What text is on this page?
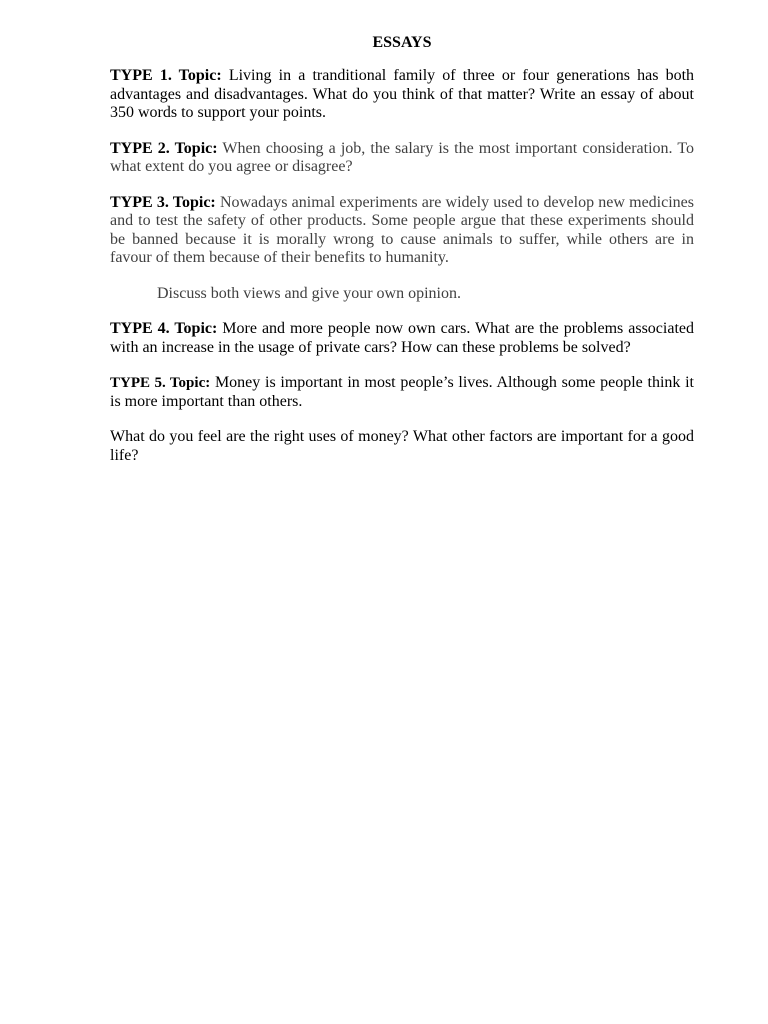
ESSAYS

TYPE 1. Topic: Living in a tranditional family of three or four generations has both advantages and disadvantages. What do you think of that matter? Write an essay of about 350 words to support your points.

TYPE 2. Topic: When choosing a job, the salary is the most important consideration. To what extent do you agree or disagree?

TYPE 3. Topic: Nowadays animal experiments are widely used to develop new medicines and to test the safety of other products. Some people argue that these experiments should be banned because it is morally wrong to cause animals to suffer, while others are in favour of them because of their benefits to humanity.

Discuss both views and give your own opinion.

TYPE 4. Topic: More and more people now own cars. What are the problems associated with an increase in the usage of private cars? How can these problems be solved?

TYPE 5. Topic: Money is important in most people’s lives. Although some people think it is more important than others.

What do you feel are the right uses of money? What other factors are important for a good life?
